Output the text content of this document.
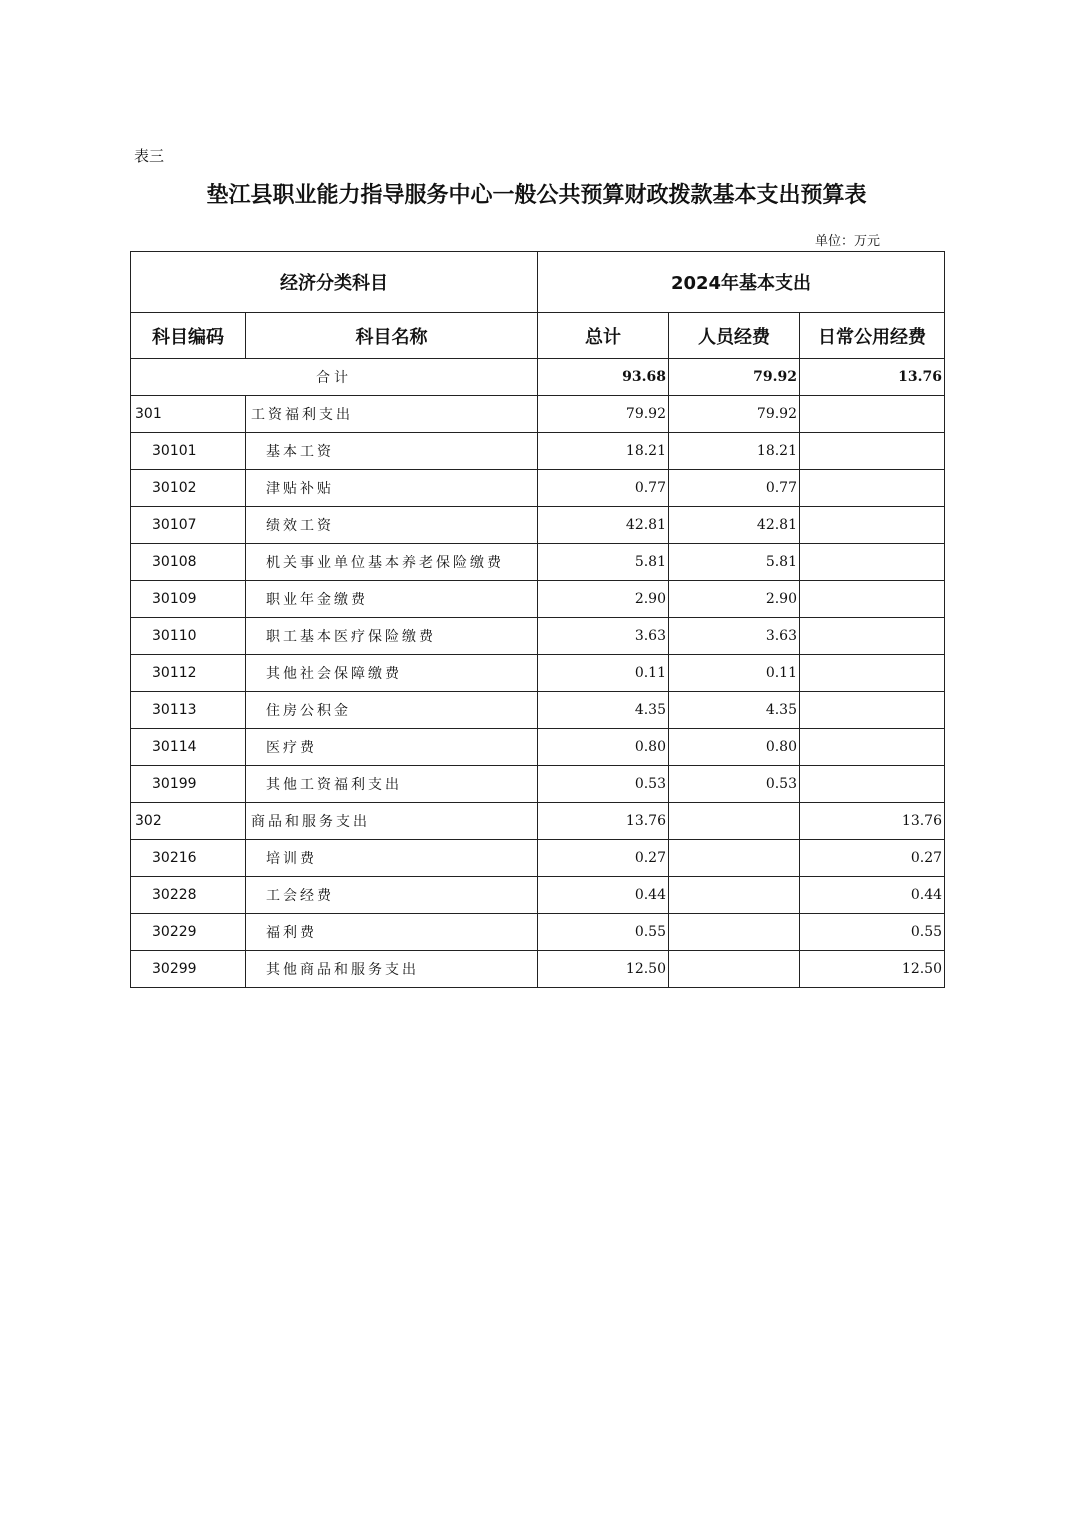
表三
垫江县职业能力指导服务中心一般公共预算财政拨款基本支出预算表
单位：万元
经济分类科目		2024年基本支出		
科目编码	科目名称	总计	人员经费	日常公用经费
合计		93.68	79.92	13.76
301	工资福利支出	79.92	79.92	
30101	基本工资	18.21	18.21	
30102	津贴补贴	0.77	0.77	
30107	绩效工资	42.81	42.81	
30108	机关事业单位基本养老保险缴费	5.81	5.81	
30109	职业年金缴费	2.90	2.90	
30110	职工基本医疗保险缴费	3.63	3.63	
30112	其他社会保障缴费	0.11	0.11	
30113	住房公积金	4.35	4.35	
30114	医疗费	0.80	0.80	
30199	其他工资福利支出	0.53	0.53	
302	商品和服务支出	13.76		13.76
30216	培训费	0.27		0.27
30228	工会经费	0.44		0.44
30229	福利费	0.55		0.55
30299	其他商品和服务支出	12.50		12.50
